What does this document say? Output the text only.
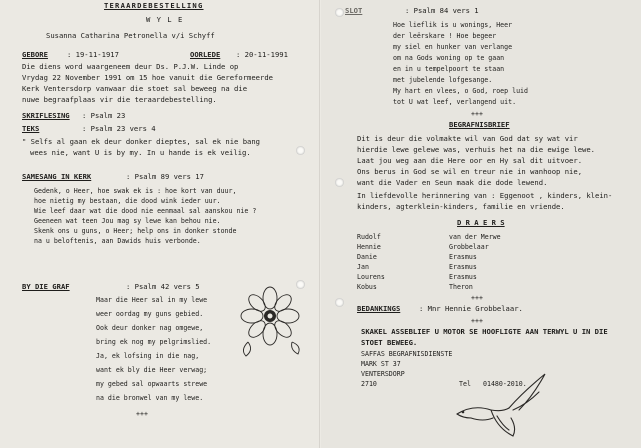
TERAARDEBESTELLING
W Y L E
Susanna Catharina Petronella v/i Schyff
GEBORE	: 19-11-1917	OORLEDE : 20-11-1991
Die diens word waargeneem deur Ds. P.J.W. Linde op
Vrydag 22 November 1991 om 15 hoe vanuit die Gereformeerde
Kerk Ventersdorp vanwaar die stoet sal beweeg na die
nuwe begraafplaas vir die teraardebestelling.
SKRIFLESING : Psalm 23
TEKS	: Psalm 23 vers 4
" Selfs al gaan ek deur donker dieptes, sal ek nie bang
wees nie, want U is by my. In u hande is ek veilig.
SAMESANG IN KERK	: Psalm 89 vers 17
Gedenk, o Heer, hoe swak ek is : hoe kort van duur,
hoe nietig my bestaan, die dood wink ieder uur.
Wie leef daar wat die dood nie eenmaal sal aanskou nie ?
Geeneen wat teen Jou mag sy lewe kan behou nie.
Skenk ons u guns, o Heer; help ons in donker stonde
na u beloftenis, aan Dawids huis verbonde.
BY DIE GRAF	: Psalm 42 vers 5
Maar die Heer sal in my lewe
weer oordag my guns gebied.
Ook deur donker nag omgewe,
bring ek nog my pelgrimslied.
Ja, ek lofsing in die nag,
want ek bly die Heer verwag;
my gebed sal opwaarts strewe
na die bronwel van my lewe.
+++
SLOT	: Psalm 84 vers 1
Hoe lieflik is u wonings, Heer
der leërskare ! Hoe begeer
my siel en hunker van verlange
om na Gods woning op te gaan
en in u tempelpoort te staan
met jubelende lofgesange.
My hart en vlees, o God, roep luid
tot U wat leef, verlangend uit.
+++
BEGRAFNISBRIEF
Dit is deur die volmakte wil van God dat sy wat vir
hierdie lewe gelewe was, verhuis het na die ewige lewe.
Laat jou weg aan die Here oor en Hy sal dit uitvoer.
Ons berus in God se wil en treur nie in wanhoop nie,
want die Vader en Seun maak die dode lewend.
In liefdevolle herinnering van : Eggenoot , kinders, klein-
kinders, agterklein-kinders, familie en vriende.
D R A E R S
Rudolf	van der Merwe
Hennie	Grobbelaar
Danie	Erasmus
Jan	Erasmus
Lourens	Erasmus
Kobus	Theron
+++
BEDANKINGS	: Mnr Hennie Grobbelaar.
+++
SKAKEL ASSEBLIEF U MOTOR SE HOOFLIGTE AAN TERWYL U IN DIE
STOET BEWEEG.
SAFFAS BEGRAFNISDIENSTE
MARK ST 37
VENTERSDORP
2710	Tel 01480-2010.
